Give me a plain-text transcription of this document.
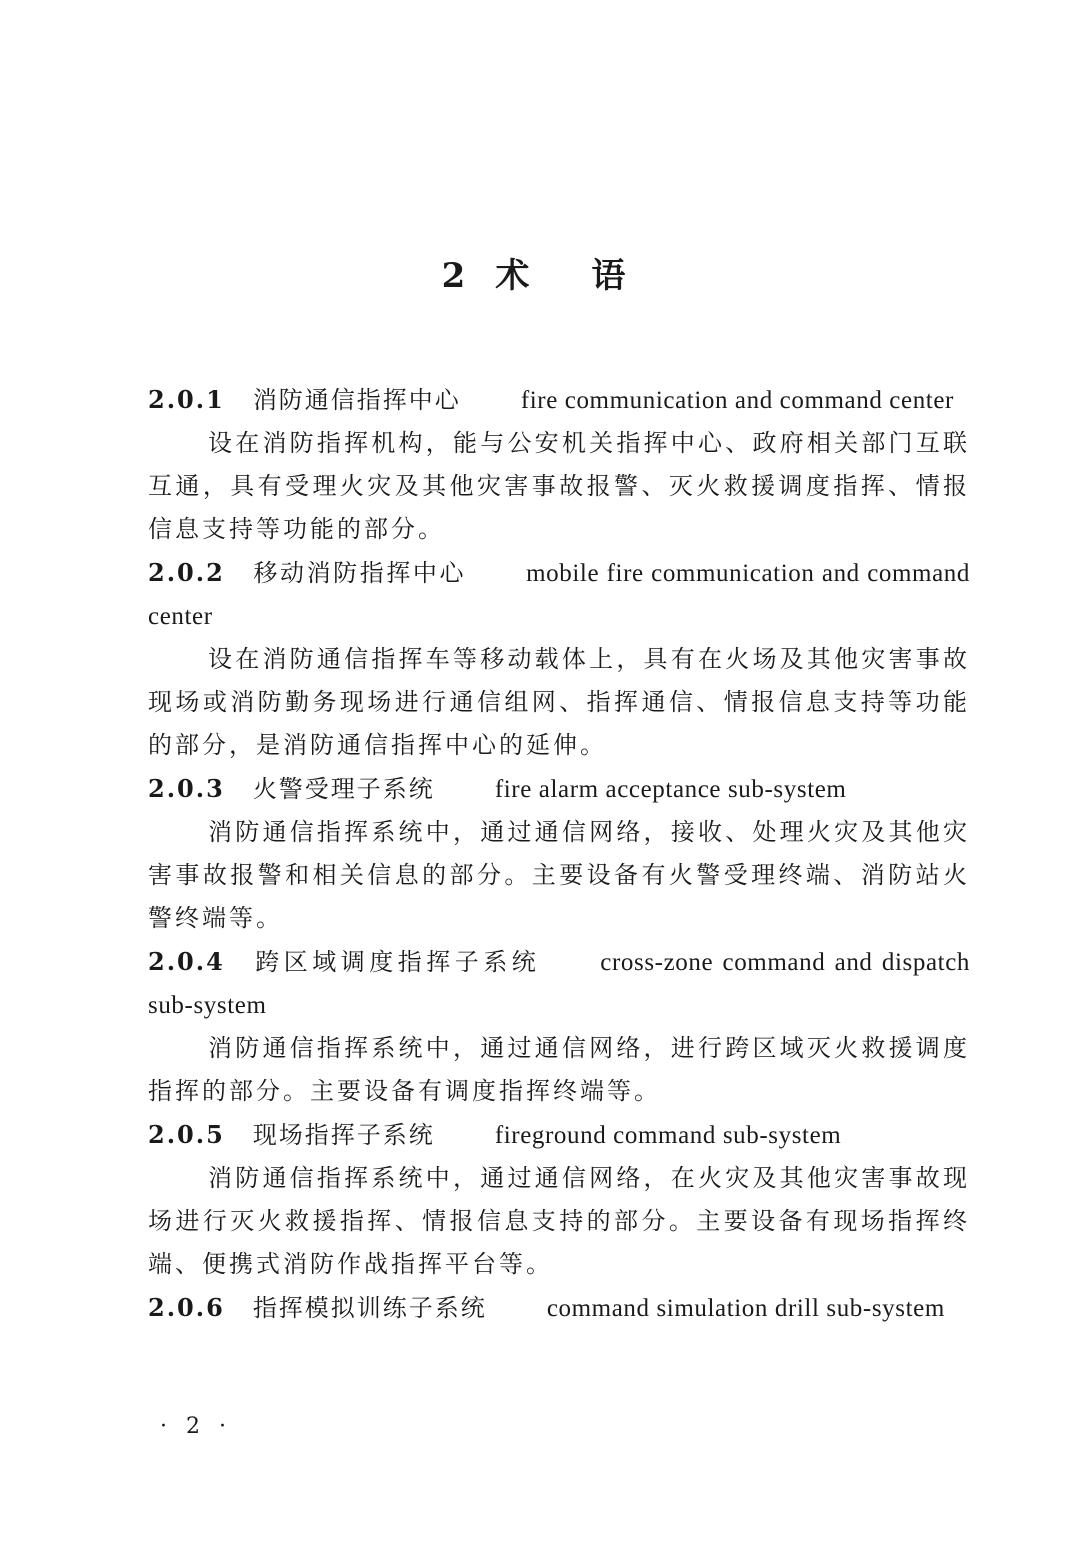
2 术 语
2.0.1 消防通信指挥中心 fire communication and command center

设在消防指挥机构，能与公安机关指挥中心、政府相关部门互联互通，具有受理火灾及其他灾害事故报警、灭火救援调度指挥、情报信息支持等功能的部分。

2.0.2 移动消防指挥中心 mobile fire communication and command center

设在消防通信指挥车等移动载体上，具有在火场及其他灾害事故现场或消防勤务现场进行通信组网、指挥通信、情报信息支持等功能的部分，是消防通信指挥中心的延伸。

2.0.3 火警受理子系统 fire alarm acceptance sub-system

消防通信指挥系统中，通过通信网络，接收、处理火灾及其他灾害事故报警和相关信息的部分。主要设备有火警受理终端、消防站火警终端等。

2.0.4 跨区域调度指挥子系统 cross-zone command and dispatch sub-system

消防通信指挥系统中，通过通信网络，进行跨区域灭火救援调度指挥的部分。主要设备有调度指挥终端等。

2.0.5 现场指挥子系统 fireground command sub-system

消防通信指挥系统中，通过通信网络，在火灾及其他灾害事故现场进行灭火救援指挥、情报信息支持的部分。主要设备有现场指挥终端、便携式消防作战指挥平台等。

2.0.6 指挥模拟训练子系统 command simulation drill sub-system
· 2 ·
